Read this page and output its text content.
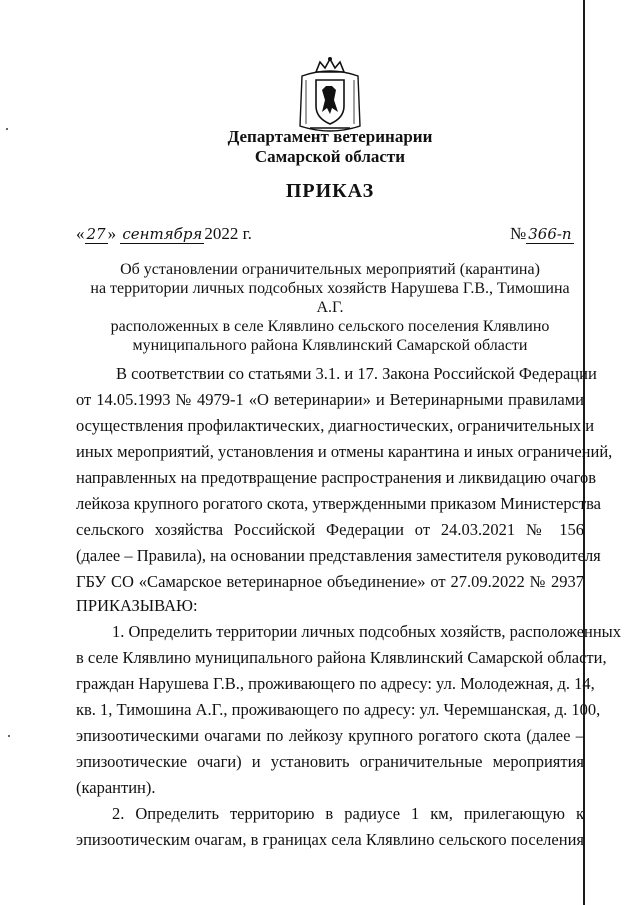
Департамент ветеринарии
Самарской области
ПРИКАЗ
« 27 » сентября 2022 г.	№ 366-п
Об установлении ограничительных мероприятий (карантина)
на территории личных подсобных хозяйств Нарушева Г.В., Тимошина А.Г.
расположенных в селе Клявлино сельского поселения Клявлино
муниципального района Клявлинский Самарской области
В соответствии со статьями 3.1. и 17. Закона Российской Федерации
от 14.05.1993 № 4979-1 «О ветеринарии» и Ветеринарными правилами
осуществления профилактических, диагностических, ограничительных и
иных мероприятий, установления и отмены карантина и иных ограничений,
направленных на предотвращение распространения и ликвидацию очагов
лейкоза крупного рогатого скота, утвержденными приказом Министерства
сельского хозяйства Российской Федерации от 24.03.2021 № 156
(далее – Правила), на основании представления заместителя руководителя
ГБУ СО «Самарское ветеринарное объединение» от 27.09.2022 № 2937
ПРИКАЗЫВАЮ:
1. Определить территории личных подсобных хозяйств, расположенных
в селе Клявлино муниципального района Клявлинский Самарской области,
граждан Нарушева Г.В., проживающего по адресу: ул. Молодежная, д. 14,
кв. 1, Тимошина А.Г., проживающего по адресу: ул. Черемшанская, д. 100,
эпизоотическими очагами по лейкозу крупного рогатого скота (далее –
эпизоотические очаги) и установить ограничительные мероприятия
(карантин).
2. Определить территорию в радиусе 1 км, прилегающую к
эпизоотическим очагам, в границах села Клявлино сельского поселения
